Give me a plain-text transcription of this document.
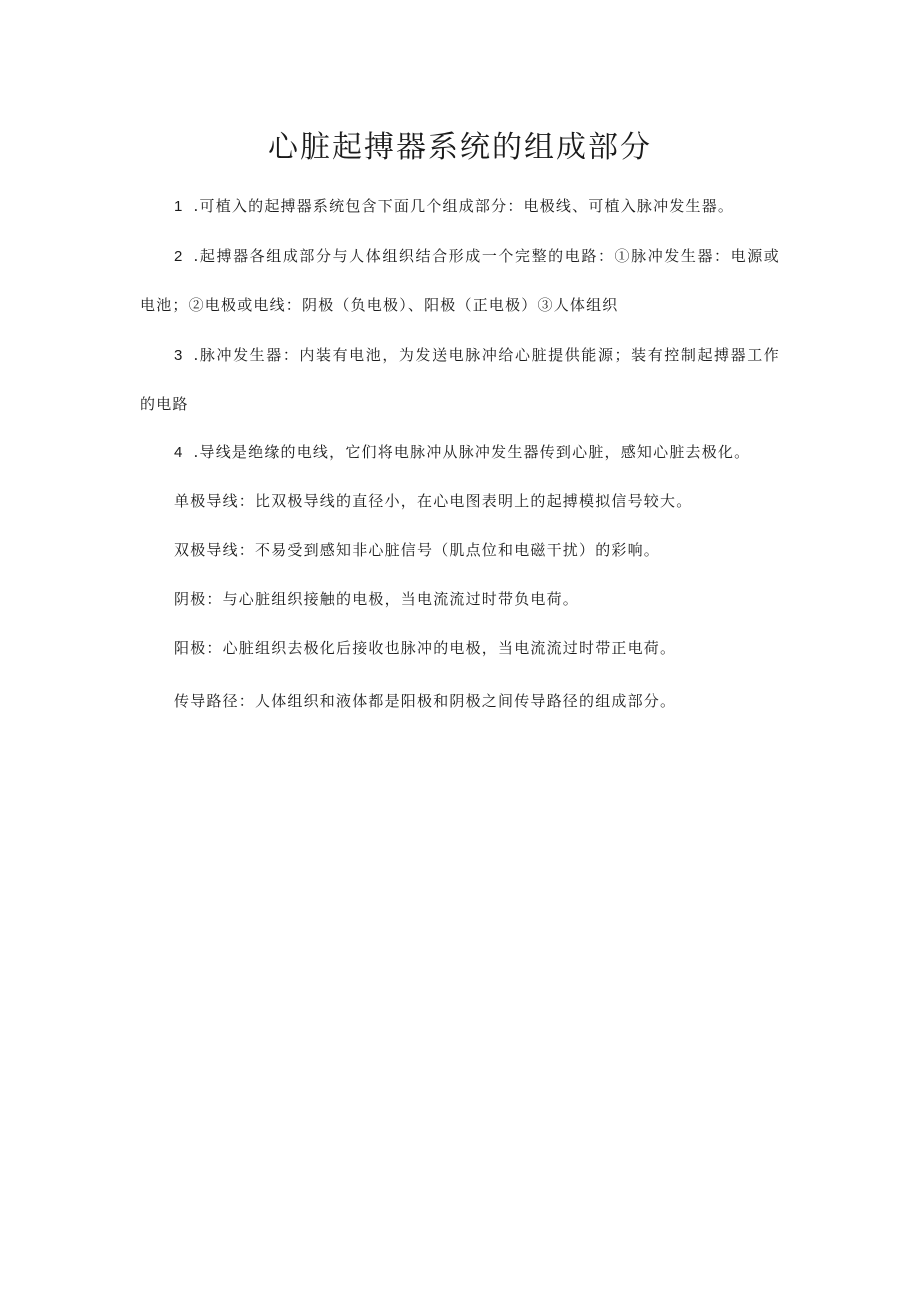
心脏起搏器系统的组成部分

1 .可植入的起搏器系统包含下面几个组成部分：电极线、可植入脉冲发生器。

2 .起搏器各组成部分与人体组织结合形成一个完整的电路：①脉冲发生器：电源或电池；②电极或电线：阴极（负电极）、阳极（正电极）③人体组织

3 .脉冲发生器：内装有电池，为发送电脉冲给心脏提供能源；装有控制起搏器工作的电路

4 .导线是绝缘的电线，它们将电脉冲从脉冲发生器传到心脏，感知心脏去极化。

单极导线：比双极导线的直径小，在心电图表明上的起搏模拟信号较大。

双极导线：不易受到感知非心脏信号（肌点位和电磁干扰）的彩响。

阴极：与心脏组织接触的电极，当电流流过时带负电荷。

阳极：心脏组织去极化后接收也脉冲的电极，当电流流过时带正电荷。

传导路径：人体组织和液体都是阳极和阴极之间传导路径的组成部分。
